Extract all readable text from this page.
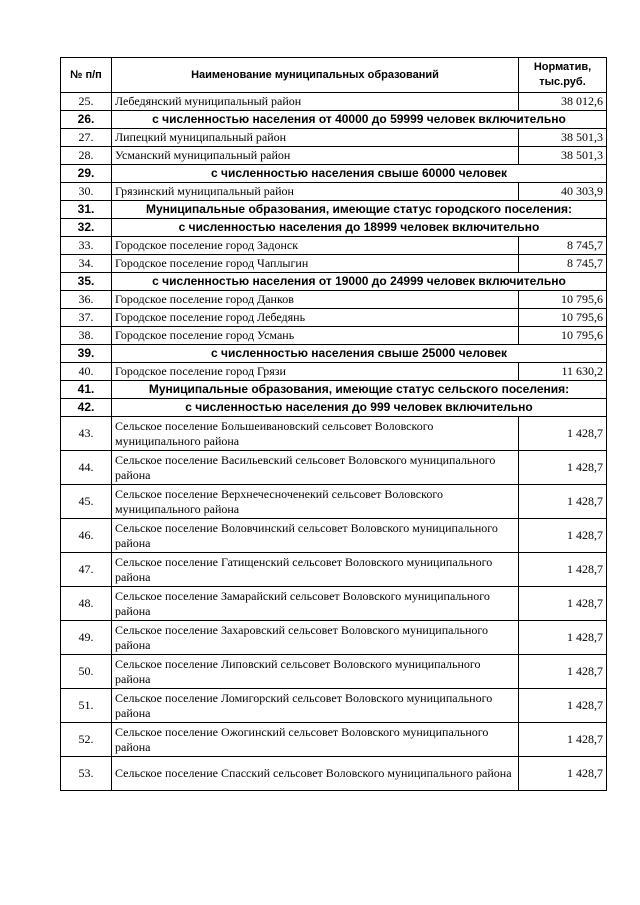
№ п/п	Наименование муниципальных образований	Норматив, тыс.руб.
25.	Лебедянский муниципальный район	38 012,6
26.	с численностью населения от 40000 до 59999 человек включительно	
27.	Липецкий муниципальный район	38 501,3
28.	Усманский муниципальный район	38 501,3
29.	с численностью населения свыше 60000 человек	
30.	Грязинский муниципальный район	40 303,9
31.	Муниципальные образования, имеющие статус городского поселения:	
32.	с численностью населения до 18999 человек включительно	
33.	Городское поселение город Задонск	8 745,7
34.	Городское поселение город Чаплыгин	8 745,7
35.	с численностью населения от 19000 до 24999 человек включительно	
36.	Городское поселение город Данков	10 795,6
37.	Городское поселение город Лебедянь	10 795,6
38.	Городское поселение город Усмань	10 795,6
39.	с численностью населения свыше 25000 человек	
40.	Городское поселение город Грязи	11 630,2
41.	Муниципальные образования, имеющие статус сельского поселения:	
42.	с численностью населения до 999 человек включительно	
43.	Сельское поселение Большеивановский сельсовет Воловского муниципального района	1 428,7
44.	Сельское поселение Васильевский сельсовет Воловского муниципального района	1 428,7
45.	Сельское поселение Верхнечесноченекий сельсовет Воловского муниципального района	1 428,7
46.	Сельское поселение Воловчинский сельсовет Воловского муниципального района	1 428,7
47.	Сельское поселение Гатищенский сельсовет Воловского муниципального района	1 428,7
48.	Сельское поселение Замарайский сельсовет Воловского муниципального района	1 428,7
49.	Сельское поселение Захаровский сельсовет Воловского муниципального района	1 428,7
50.	Сельское поселение Липовский сельсовет Воловского муниципального района	1 428,7
51.	Сельское поселение Ломигорский сельсовет Воловского муниципального района	1 428,7
52.	Сельское поселение Ожогинский сельсовет Воловского муниципального района	1 428,7
53.	Сельское поселение Спасский сельсовет Воловского муниципального района	1 428,7
